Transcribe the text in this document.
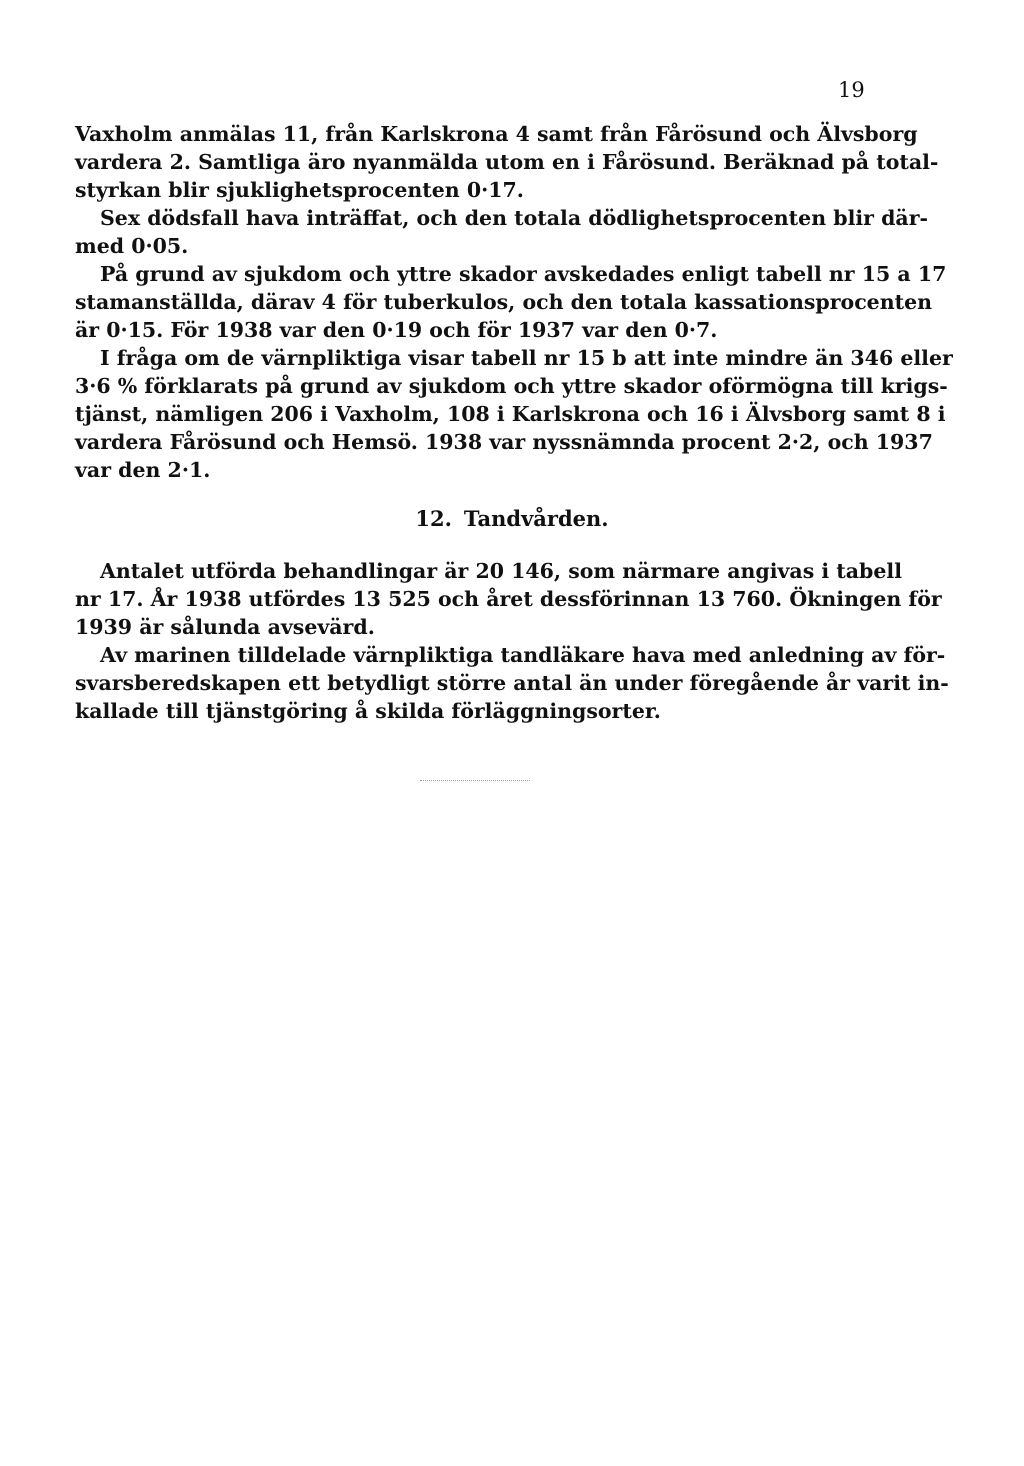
19
Vaxholm anmälas 11, från Karlskrona 4 samt från Fårösund och Älvsborg
vardera 2. Samtliga äro nyanmälda utom en i Fårösund. Beräknad på total-
styrkan blir sjuklighetsprocenten 0·17.
Sex dödsfall hava inträffat, och den totala dödlighetsprocenten blir där-
med 0·05.
På grund av sjukdom och yttre skador avskedades enligt tabell nr 15 a 17
stamanställda, därav 4 för tuberkulos, och den totala kassationsprocenten
är 0·15. För 1938 var den 0·19 och för 1937 var den 0·7.
I fråga om de värnpliktiga visar tabell nr 15 b att inte mindre än 346 eller
3·6 % förklarats på grund av sjukdom och yttre skador oförmögna till krigs-
tjänst, nämligen 206 i Vaxholm, 108 i Karlskrona och 16 i Älvsborg samt 8 i
vardera Fårösund och Hemsö. 1938 var nyssnämnda procent 2·2, och 1937
var den 2·1.
12. Tandvården.
Antalet utförda behandlingar är 20 146, som närmare angivas i tabell
nr 17. År 1938 utfördes 13 525 och året dessförinnan 13 760. Ökningen för
1939 är sålunda avsevärd.
Av marinen tilldelade värnpliktiga tandläkare hava med anledning av för-
svarsberedskapen ett betydligt större antal än under föregående år varit in-
kallade till tjänstgöring å skilda förläggningsorter.
